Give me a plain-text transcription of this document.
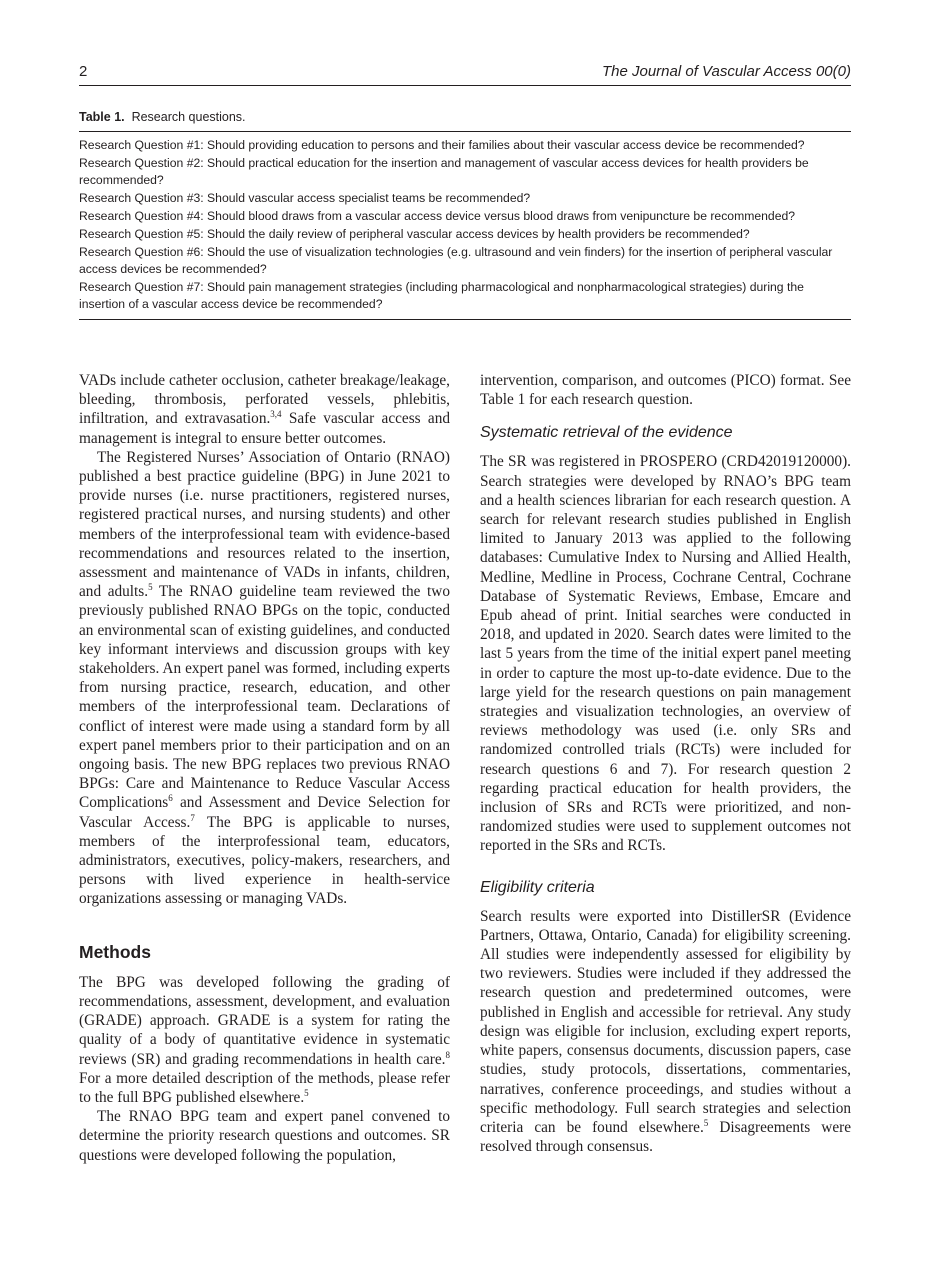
2	The Journal of Vascular Access 00(0)
Table 1. Research questions.
Research Question #1: Should providing education to persons and their families about their vascular access device be recommended?
Research Question #2: Should practical education for the insertion and management of vascular access devices for health providers be recommended?
Research Question #3: Should vascular access specialist teams be recommended?
Research Question #4: Should blood draws from a vascular access device versus blood draws from venipuncture be recommended?
Research Question #5: Should the daily review of peripheral vascular access devices by health providers be recommended?
Research Question #6: Should the use of visualization technologies (e.g. ultrasound and vein finders) for the insertion of peripheral vascular access devices be recommended?
Research Question #7: Should pain management strategies (including pharmacological and nonpharmacological strategies) during the insertion of a vascular access device be recommended?

VADs include catheter occlusion, catheter breakage/leakage, bleeding, thrombosis, perforated vessels, phlebitis, infiltration, and extravasation.$^{3,4}$ Safe vascular access and management is integral to ensure better outcomes.

The Registered Nurses’ Association of Ontario (RNAO) published a best practice guideline (BPG) in June 2021 to provide nurses (i.e. nurse practitioners, registered nurses, registered practical nurses, and nursing students) and other members of the interprofessional team with evidence-based recommendations and resources related to the insertion, assessment and maintenance of VADs in infants, children, and adults.$^5$ The RNAO guideline team reviewed the two previously published RNAO BPGs on the topic, conducted an environmental scan of existing guidelines, and conducted key informant interviews and discussion groups with key stakeholders. An expert panel was formed, including experts from nursing practice, research, education, and other members of the interprofessional team. Declarations of conflict of interest were made using a standard form by all expert panel members prior to their participation and on an ongoing basis. The new BPG replaces two previous RNAO BPGs: Care and Maintenance to Reduce Vascular Access Complications$^6$ and Assessment and Device Selection for Vascular Access.$^7$ The BPG is applicable to nurses, members of the interprofessional team, educators, administrators, executives, policy-makers, researchers, and persons with lived experience in health-service organizations assessing or managing VADs.

Methods

The BPG was developed following the grading of recommendations, assessment, development, and evaluation (GRADE) approach. GRADE is a system for rating the quality of a body of quantitative evidence in systematic reviews (SR) and grading recommendations in health care.$^8$ For a more detailed description of the methods, please refer to the full BPG published elsewhere.$^5$

The RNAO BPG team and expert panel convened to determine the priority research questions and outcomes. SR questions were developed following the population,

intervention, comparison, and outcomes (PICO) format. See Table 1 for each research question.

Systematic retrieval of the evidence

The SR was registered in PROSPERO (CRD42019120000). Search strategies were developed by RNAO’s BPG team and a health sciences librarian for each research question. A search for relevant research studies published in English limited to January 2013 was applied to the following databases: Cumulative Index to Nursing and Allied Health, Medline, Medline in Process, Cochrane Central, Cochrane Database of Systematic Reviews, Embase, Emcare and Epub ahead of print. Initial searches were conducted in 2018, and updated in 2020. Search dates were limited to the last 5 years from the time of the initial expert panel meeting in order to capture the most up-to-date evidence. Due to the large yield for the research questions on pain management strategies and visualization technologies, an overview of reviews methodology was used (i.e. only SRs and randomized controlled trials (RCTs) were included for research questions 6 and 7). For research question 2 regarding practical education for health providers, the inclusion of SRs and RCTs were prioritized, and non-randomized studies were used to supplement outcomes not reported in the SRs and RCTs.

Eligibility criteria

Search results were exported into DistillerSR (Evidence Partners, Ottawa, Ontario, Canada) for eligibility screening. All studies were independently assessed for eligibility by two reviewers. Studies were included if they addressed the research question and predetermined outcomes, were published in English and accessible for retrieval. Any study design was eligible for inclusion, excluding expert reports, white papers, consensus documents, discussion papers, case studies, study protocols, dissertations, commentaries, narratives, conference proceedings, and studies without a specific methodology. Full search strategies and selection criteria can be found elsewhere.$^5$ Disagreements were resolved through consensus.
